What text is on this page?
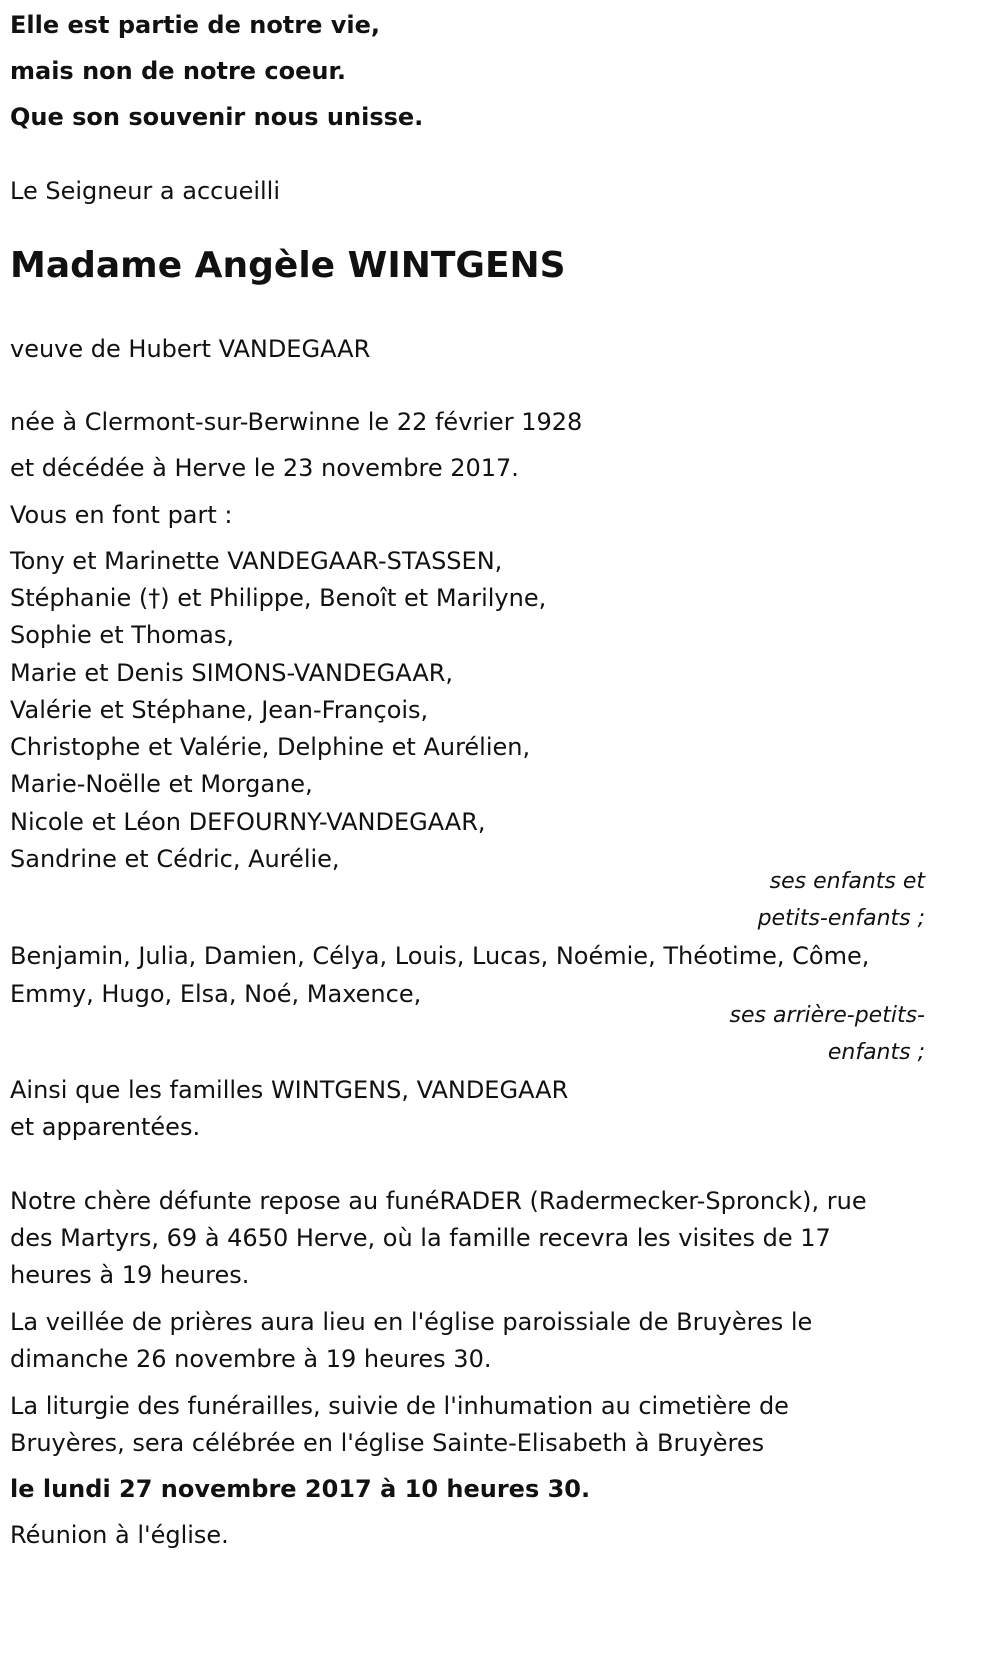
Elle est partie de notre vie,
mais non de notre coeur.
Que son souvenir nous unisse.
Le Seigneur a accueilli
Madame Angèle WINTGENS
veuve de Hubert VANDEGAAR
née à Clermont-sur-Berwinne le 22 février 1928
et décédée à Herve le 23 novembre 2017.
Vous en font part :
Tony et Marinette VANDEGAAR-STASSEN,
Stéphanie (†) et Philippe, Benoît et Marilyne,
Sophie et Thomas,
Marie et Denis SIMONS-VANDEGAAR,
Valérie et Stéphane, Jean-François,
Christophe et Valérie, Delphine et Aurélien,
Marie-Noëlle et Morgane,
Nicole et Léon DEFOURNY-VANDEGAAR,
Sandrine et Cédric, Aurélie,
ses enfants et
petits-enfants ;
Benjamin, Julia, Damien, Célya, Louis, Lucas, Noémie, Théotime, Côme,
Emmy, Hugo, Elsa, Noé, Maxence,
ses arrière-petits-
enfants ;
Ainsi que les familles WINTGENS, VANDEGAAR
et apparentées.
Notre chère défunte repose au funéRADER (Radermecker-Spronck), rue
des Martyrs, 69 à 4650 Herve, où la famille recevra les visites de 17
heures à 19 heures.
La veillée de prières aura lieu en l'église paroissiale de Bruyères le
dimanche 26 novembre à 19 heures 30.
La liturgie des funérailles, suivie de l'inhumation au cimetière de
Bruyères, sera célébrée en l'église Sainte-Elisabeth à Bruyères
le lundi 27 novembre 2017 à 10 heures 30.
Réunion à l'église.
